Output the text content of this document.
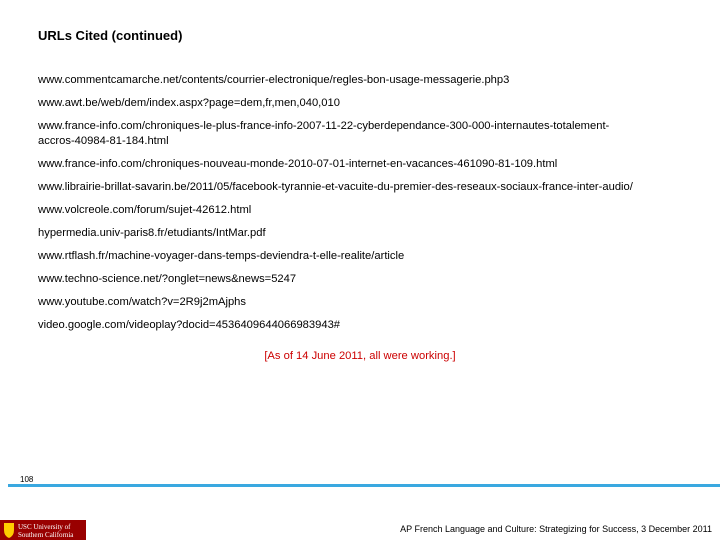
URLs Cited (continued)
www.commentcamarche.net/contents/courrier-electronique/regles-bon-usage-messagerie.php3
www.awt.be/web/dem/index.aspx?page=dem,fr,men,040,010
www.france-info.com/chroniques-le-plus-france-info-2007-11-22-cyberdependance-300-000-internautes-totalement-
accros-40984-81-184.html
www.france-info.com/chroniques-nouveau-monde-2010-07-01-internet-en-vacances-461090-81-109.html
www.librairie-brillat-savarin.be/2011/05/facebook-tyrannie-et-vacuite-du-premier-des-reseaux-sociaux-france-inter-audio/
www.volcreole.com/forum/sujet-42612.html
hypermedia.univ-paris8.fr/etudiants/IntMar.pdf
www.rtflash.fr/machine-voyager-dans-temps-deviendra-t-elle-realite/article
www.techno-science.net/?onglet=news&news=5247
www.youtube.com/watch?v=2R9j2mAjphs
video.google.com/videoplay?docid=4536409644066983943#
[As of 14 June 2011, all were working.]
108
USC University of
Southern California
AP French Language and Culture: Strategizing for Success, 3 December 2011
